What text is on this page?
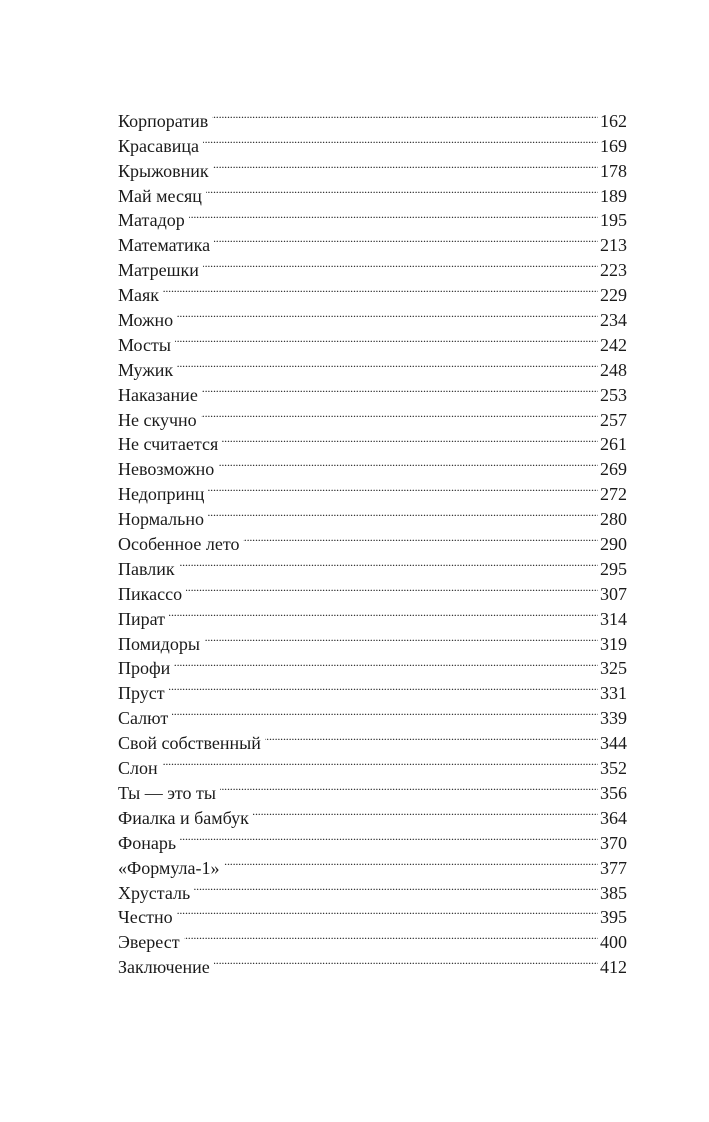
Корпоратив . . .	162
Красавица . . .	169
Крыжовник . . .	178
Май месяц . . .	189
Матадор . . .	195
Математика . . .	213
Матрешки . . .	223
Маяк . . .	229
Можно . . .	234
Мосты . . .	242
Мужик . . .	248
Наказание . . .	253
Не скучно . . .	257
Не считается . . .	261
Невозможно . . .	269
Недопринц . . .	272
Нормально . . .	280
Особенное лето . . .	290
Павлик . . .	295
Пикассо . . .	307
Пират . . .	314
Помидоры . . .	319
Профи . . .	325
Пруст . . .	331
Салют . . .	339
Свой собственный . . .	344
Слон . . .	352
Ты — это ты . . .	356
Фиалка и бамбук . . .	364
Фонарь . . .	370
«Формула-1» . . .	377
Хрусталь . . .	385
Честно . . .	395
Эверест . . .	400
Заключение . . .	412
